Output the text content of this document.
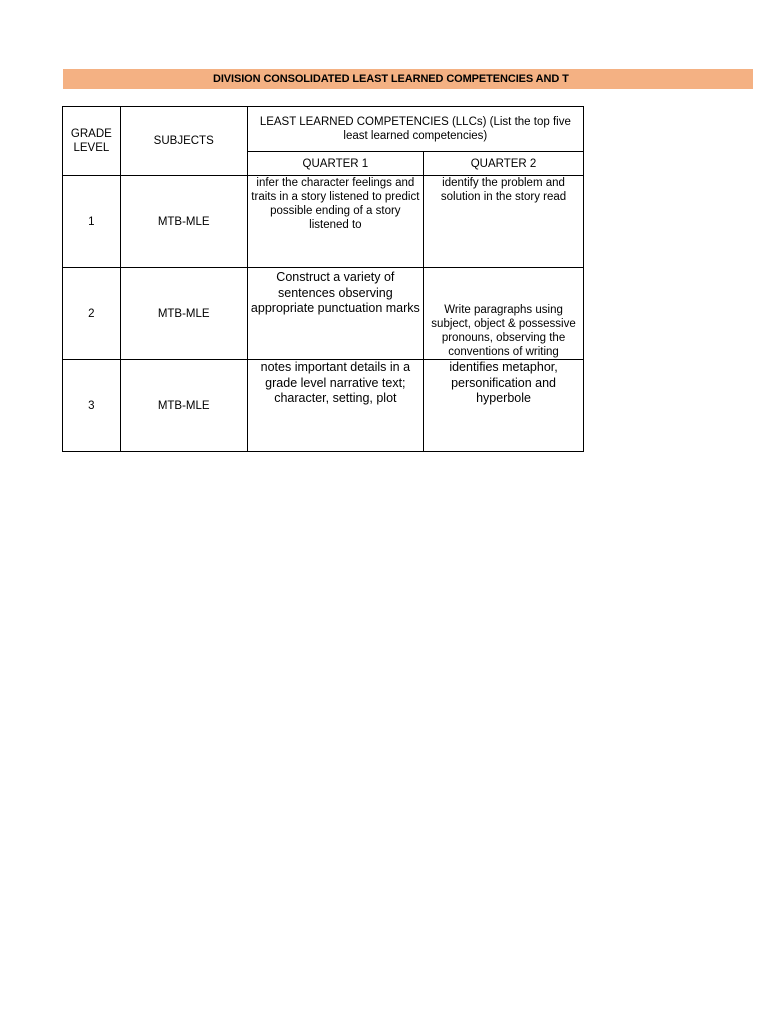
DIVISION CONSOLIDATED LEAST LEARNED COMPETENCIES AND T
GRADE LEVEL	SUBJECTS	LEAST LEARNED COMPETENCIES (LLCs) (List the top five least learned competencies)	
		QUARTER 1	QUARTER 2
1	MTB-MLE	infer the character feelings and traits in a story listened to predict possible ending of a story listened to	identify the problem and solution in the story read
2	MTB-MLE	Construct a variety of sentences observing appropriate punctuation marks	Write paragraphs using subject, object & possessive pronouns, observing the conventions of writing
3	MTB-MLE	notes important details in a grade level narrative text; character, setting, plot	identifies metaphor, personification and hyperbole
